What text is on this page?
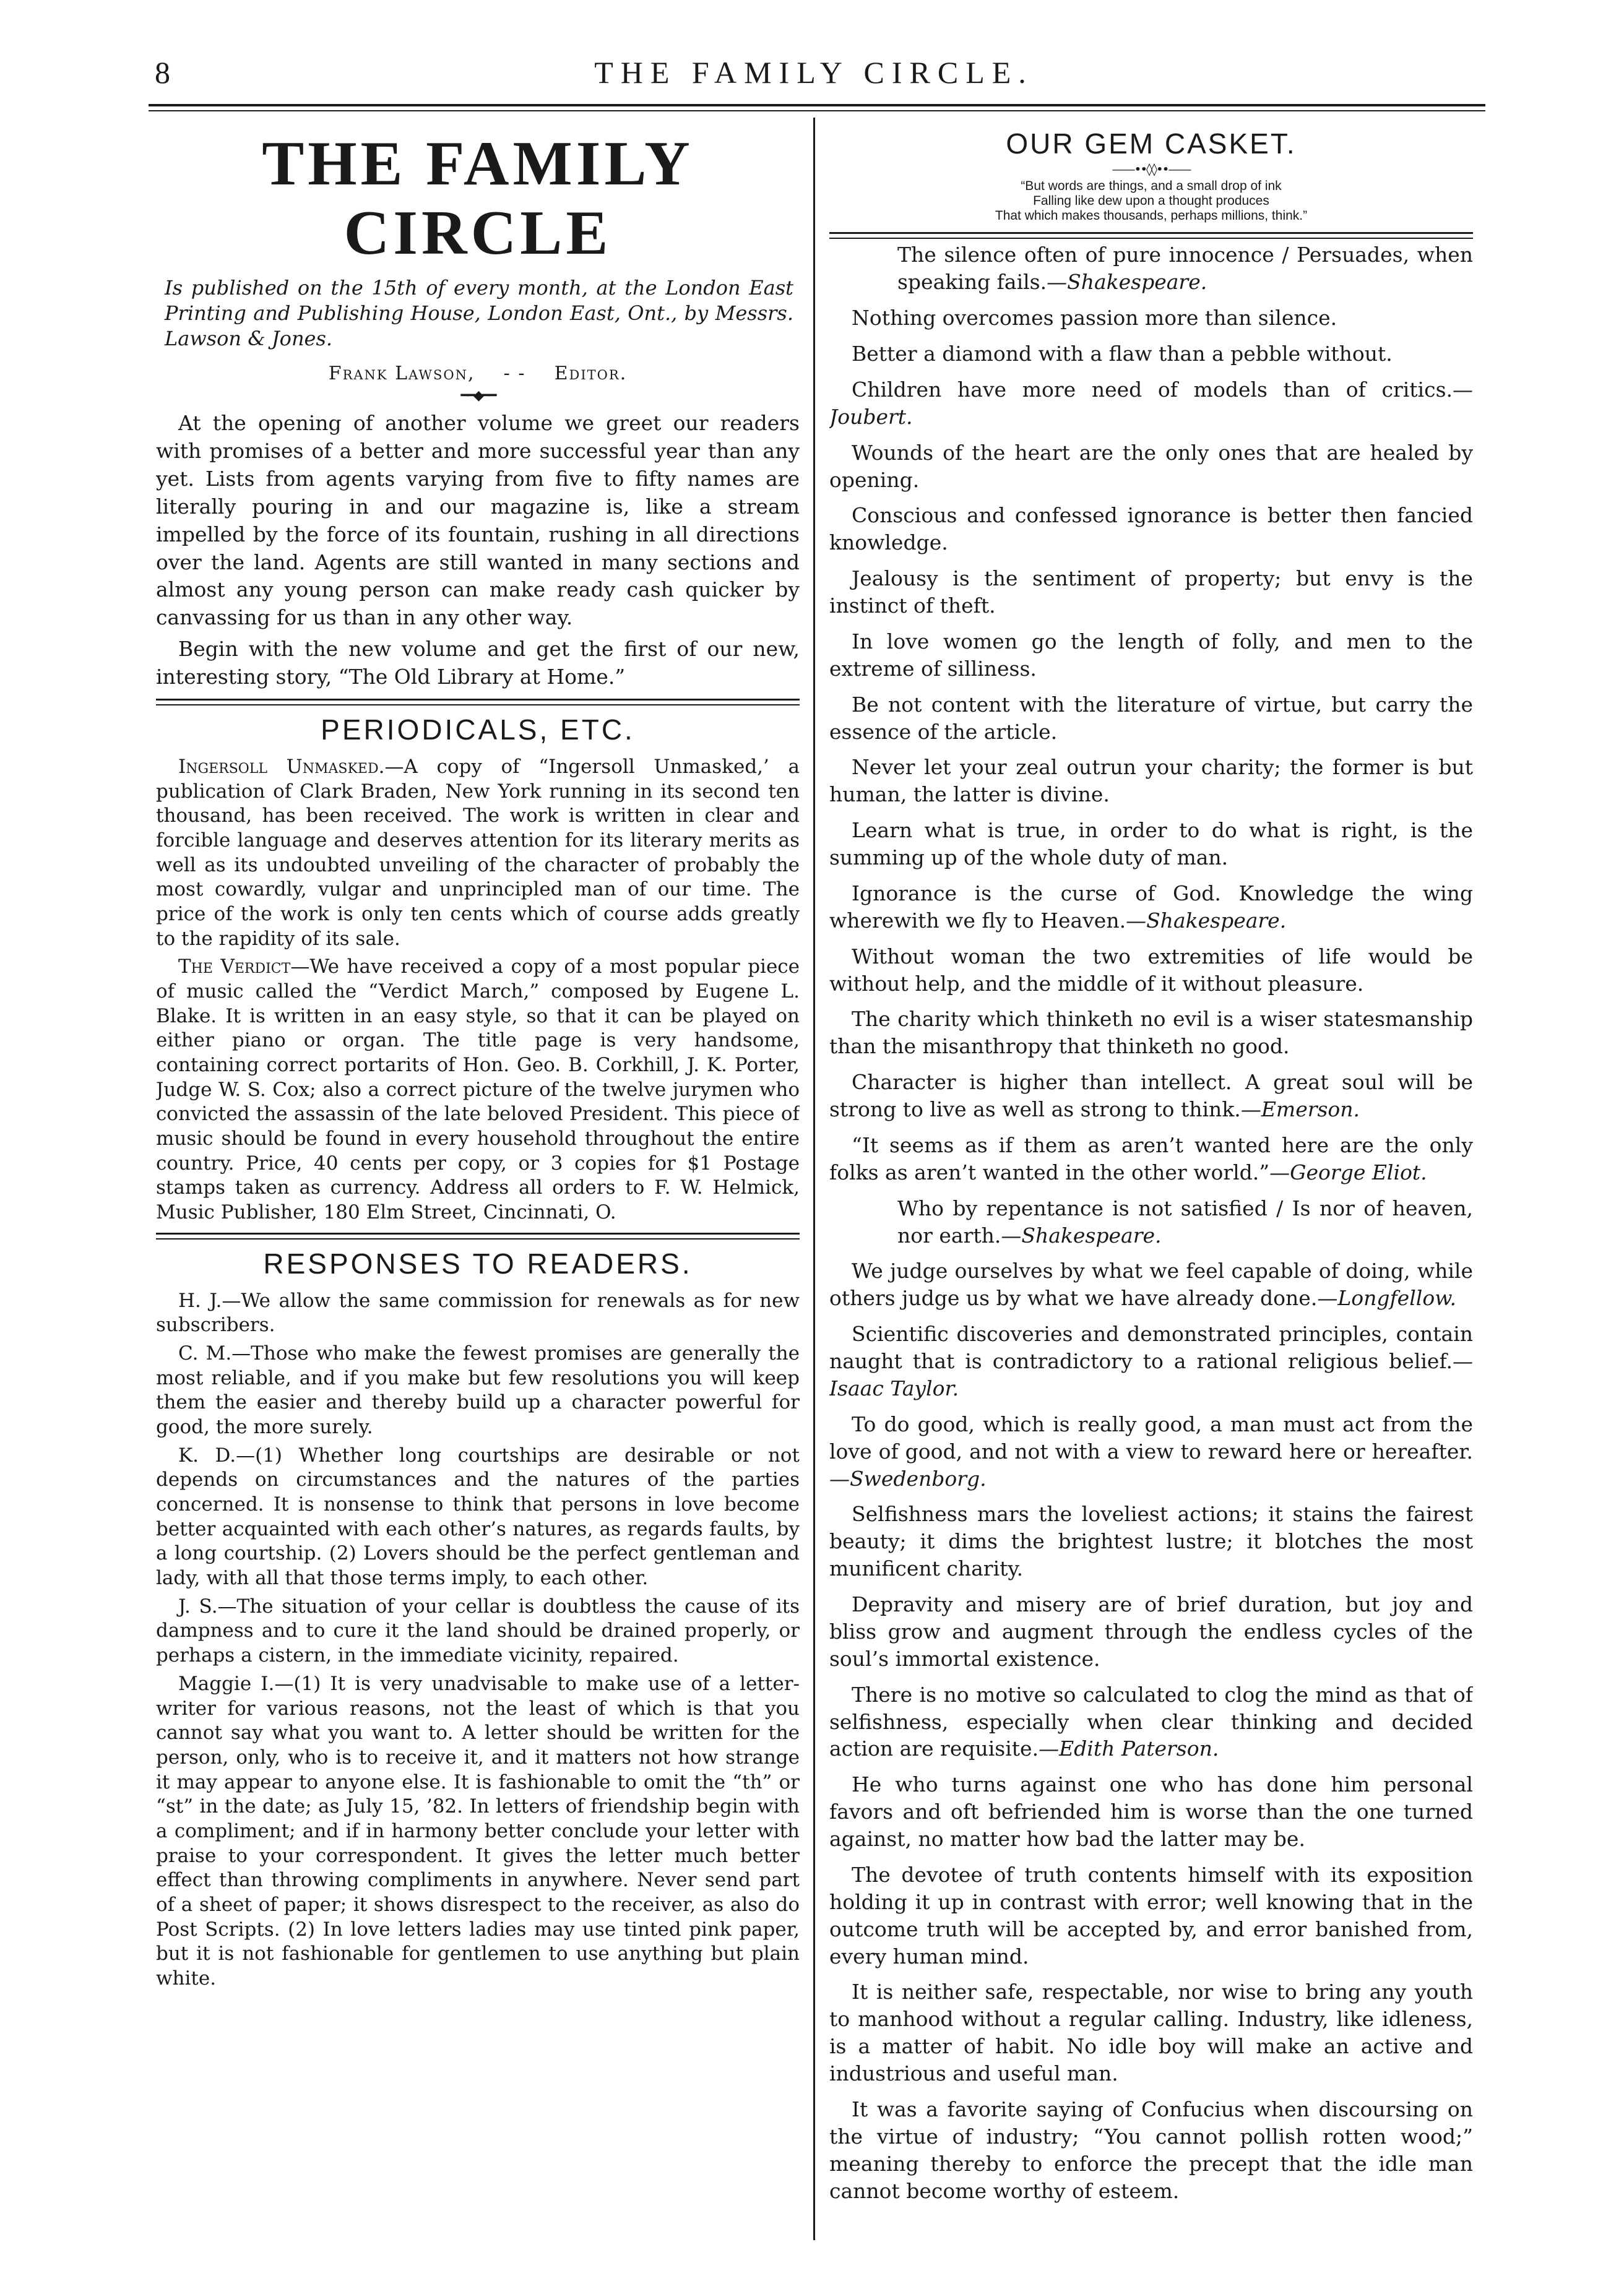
8	THE FAMILY CIRCLE.
THE FAMILY CIRCLE
Is published on the 15th of every month, at the London East Printing and Publishing House, London East, Ont., by Messrs. Lawson & Jones.
Frank Lawson, - - Editor.
━━◆━━

At the opening of another volume we greet our readers with promises of a better and more successful year than any yet. Lists from agents varying from five to fifty names are literally pouring in and our magazine is, like a stream impelled by the force of its fountain, rushing in all directions over the land. Agents are still wanted in many sections and almost any young person can make ready cash quicker by canvassing for us than in any other way.

Begin with the new volume and get the first of our new, interesting story, “The Old Library at Home.”

PERIODICALS, ETC.

Ingersoll Unmasked.—A copy of “Ingersoll Unmasked,’ a publication of Clark Braden, New York running in its second ten thousand, has been received. The work is written in clear and forcible language and deserves attention for its literary merits as well as its undoubted unveiling of the character of probably the most cowardly, vulgar and unprincipled man of our time. The price of the work is only ten cents which of course adds greatly to the rapidity of its sale.

The Verdict—We have received a copy of a most popular piece of music called the “Verdict March,” composed by Eugene L. Blake. It is written in an easy style, so that it can be played on either piano or organ. The title page is very handsome, containing correct portarits of Hon. Geo. B. Corkhill, J. K. Porter, Judge W. S. Cox; also a correct picture of the twelve jurymen who convicted the assassin of the late beloved President. This piece of music should be found in every household throughout the entire country. Price, 40 cents per copy, or 3 copies for $1 Postage stamps taken as currency. Address all orders to F. W. Helmick, Music Publisher, 180 Elm Street, Cincinnati, O.

RESPONSES TO READERS.

H. J.—We allow the same commission for renewals as for new subscribers.

C. M.—Those who make the fewest promises are generally the most reliable, and if you make but few resolutions you will keep them the easier and thereby build up a character powerful for good, the more surely.

K. D.—(1) Whether long courtships are desirable or not depends on circumstances and the natures of the parties concerned. It is nonsense to think that persons in love become better acquainted with each other’s natures, as regards faults, by a long courtship. (2) Lovers should be the perfect gentleman and lady, with all that those terms imply, to each other.

J. S.—The situation of your cellar is doubtless the cause of its dampness and to cure it the land should be drained properly, or perhaps a cistern, in the immediate vicinity, repaired.

Maggie I.—(1) It is very unadvisable to make use of a letter-writer for various reasons, not the least of which is that you cannot say what you want to. A letter should be written for the person, only, who is to receive it, and it matters not how strange it may appear to anyone else. It is fashionable to omit the “th” or “st” in the date; as July 15, ’82. In letters of friendship begin with a compliment; and if in harmony better conclude your letter with praise to your correspondent. It gives the letter much better effect than throwing compliments in anywhere. Never send part of a sheet of paper; it shows disrespect to the receiver, as also do Post Scripts. (2) In love letters ladies may use tinted pink paper, but it is not fashionable for gentlemen to use anything but plain white.

OUR GEM CASKET.
——••◊◊••——
“But words are things, and a small drop of ink
Falling like dew upon a thought produces
That which makes thousands, perhaps millions, think.”

The silence often of pure innocence / Persuades, when speaking fails.—Shakespeare.

Nothing overcomes passion more than silence.

Better a diamond with a flaw than a pebble without.

Children have more need of models than of critics.—Joubert.

Wounds of the heart are the only ones that are healed by opening.

Conscious and confessed ignorance is better then fancied knowledge.

Jealousy is the sentiment of property; but envy is the instinct of theft.

In love women go the length of folly, and men to the extreme of silliness.

Be not content with the literature of virtue, but carry the essence of the article.

Never let your zeal outrun your charity; the former is but human, the latter is divine.

Learn what is true, in order to do what is right, is the summing up of the whole duty of man.

Ignorance is the curse of God. Knowledge the wing wherewith we fly to Heaven.—Shakespeare.

Without woman the two extremities of life would be without help, and the middle of it without pleasure.

The charity which thinketh no evil is a wiser statesmanship than the misanthropy that thinketh no good.

Character is higher than intellect. A great soul will be strong to live as well as strong to think.—Emerson.

“It seems as if them as aren’t wanted here are the only folks as aren’t wanted in the other world.”—George Eliot.

Who by repentance is not satisfied / Is nor of heaven, nor earth.—Shakespeare.

We judge ourselves by what we feel capable of doing, while others judge us by what we have already done.—Longfellow.

Scientific discoveries and demonstrated principles, contain naught that is contradictory to a rational religious belief.—Isaac Taylor.

To do good, which is really good, a man must act from the love of good, and not with a view to reward here or hereafter.—Swedenborg.

Selfishness mars the loveliest actions; it stains the fairest beauty; it dims the brightest lustre; it blotches the most munificent charity.

Depravity and misery are of brief duration, but joy and bliss grow and augment through the endless cycles of the soul’s immortal existence.

There is no motive so calculated to clog the mind as that of selfishness, especially when clear thinking and decided action are requisite.—Edith Paterson.

He who turns against one who has done him personal favors and oft befriended him is worse than the one turned against, no matter how bad the latter may be.

The devotee of truth contents himself with its exposition holding it up in contrast with error; well knowing that in the outcome truth will be accepted by, and error banished from, every human mind.

It is neither safe, respectable, nor wise to bring any youth to manhood without a regular calling. Industry, like idleness, is a matter of habit. No idle boy will make an active and industrious and useful man.

It was a favorite saying of Confucius when discoursing on the virtue of industry; “You cannot pollish rotten wood;” meaning thereby to enforce the precept that the idle man cannot become worthy of esteem.
